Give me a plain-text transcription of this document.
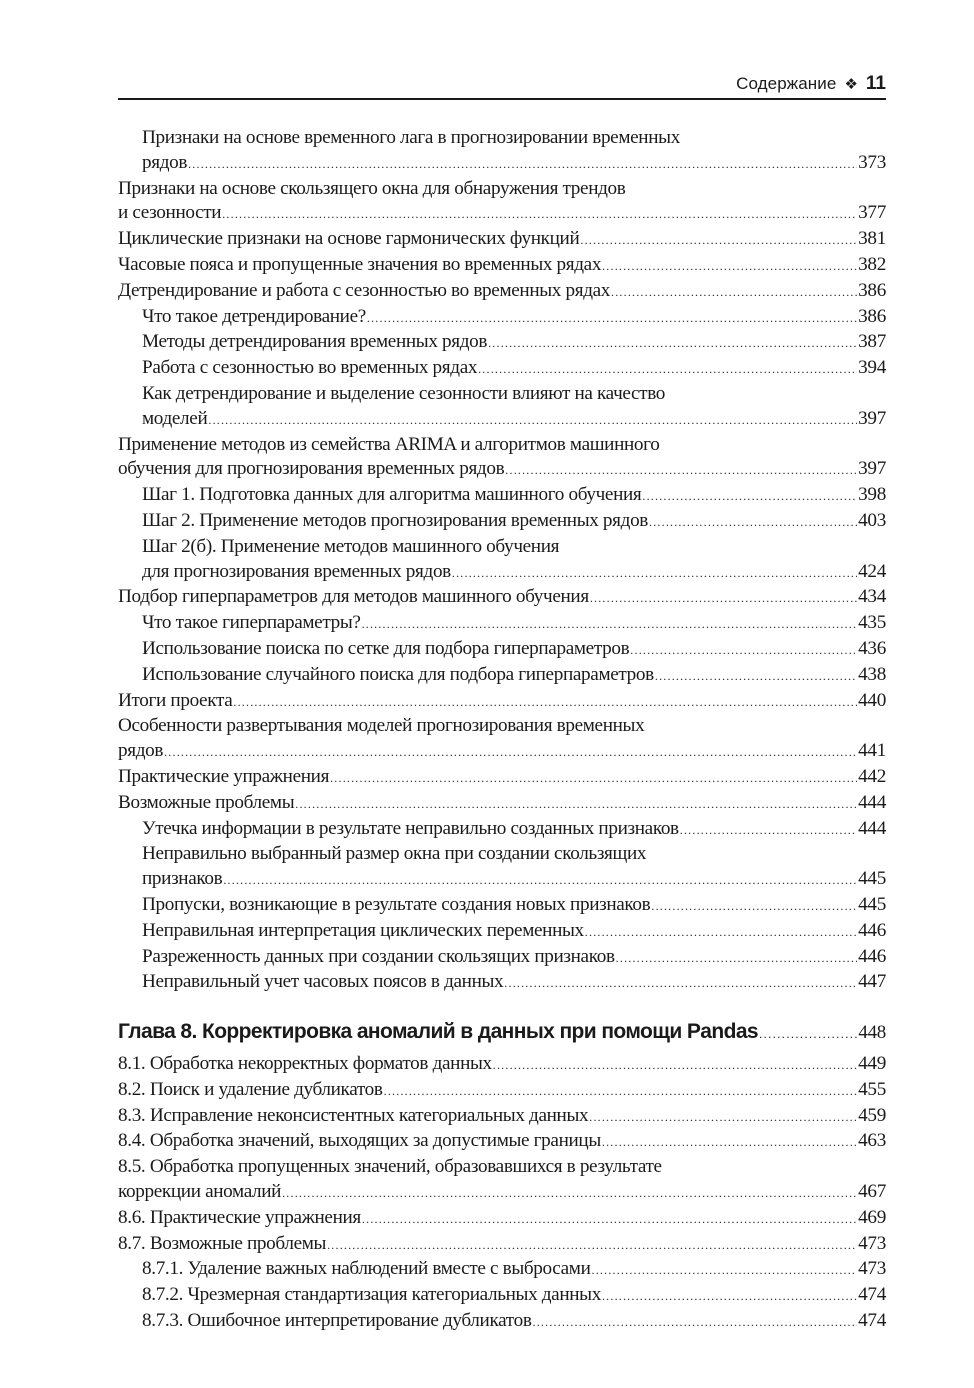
Содержание ❖ 11
Признаки на основе временного лага в прогнозировании временных
рядов .....	373
Признаки на основе скользящего окна для обнаружения трендов
и сезонности .....	377
Циклические признаки на основе гармонических функций .....	381
Часовые пояса и пропущенные значения во временных рядах .....	382
Детрендирование и работа с сезонностью во временных рядах .....	386
Что такое детрендирование? .....	386
Методы детрендирования временных рядов .....	387
Работа с сезонностью во временных рядах .....	394
Как детрендирование и выделение сезонности влияют на качество
моделей .....	397
Применение методов из семейства ARIMA и алгоритмов машинного
обучения для прогнозирования временных рядов .....	397
Шаг 1. Подготовка данных для алгоритма машинного обучения .....	398
Шаг 2. Применение методов прогнозирования временных рядов .....	403
Шаг 2(б). Применение методов машинного обучения
для прогнозирования временных рядов .....	424
Подбор гиперпараметров для методов машинного обучения .....	434
Что такое гиперпараметры? .....	435
Использование поиска по сетке для подбора гиперпараметров .....	436
Использование случайного поиска для подбора гиперпараметров .....	438
Итоги проекта .....	440
Особенности развертывания моделей прогнозирования временных
рядов .....	441
Практические упражнения .....	442
Возможные проблемы .....	444
Утечка информации в результате неправильно созданных признаков .....	444
Неправильно выбранный размер окна при создании скользящих
признаков .....	445
Пропуски, возникающие в результате создания новых признаков .....	445
Неправильная интерпретация циклических переменных .....	446
Разреженность данных при создании скользящих признаков .....	446
Неправильный учет часовых поясов в данных .....	447
Глава 8. Корректировка аномалий в данных при помощи Pandas .....	448
8.1. Обработка некорректных форматов данных .....	449
8.2. Поиск и удаление дубликатов .....	455
8.3. Исправление неконсистентных категориальных данных .....	459
8.4. Обработка значений, выходящих за допустимые границы .....	463
8.5. Обработка пропущенных значений, образовавшихся в результате
коррекции аномалий .....	467
8.6. Практические упражнения .....	469
8.7. Возможные проблемы .....	473
8.7.1. Удаление важных наблюдений вместе с выбросами .....	473
8.7.2. Чрезмерная стандартизация категориальных данных .....	474
8.7.3. Ошибочное интерпретирование дубликатов .....	474
